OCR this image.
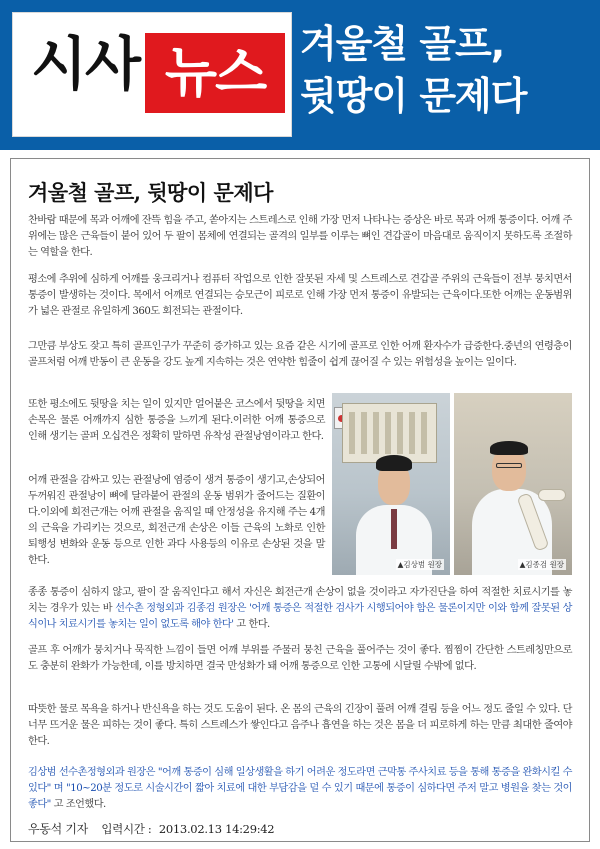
시사 뉴스 겨울철 골프,
뒷땅이 문제다
겨울철 골프, 뒷땅이 문제다

찬바람 때문에 목과 어깨에 잔뜩 힘을 주고, 쏟아지는 스트레스로 인해 가장 먼저 나타나는 증상은 바로 목과 어깨 통증이다. 어깨 주위에는 많은 근육들이 붙어 있어 두 팔이 몸체에 연결되는 골격의 일부를 이루는 뼈인 견갑골이 마음대로 움직이지 못하도록 조절하는 역할을 한다.

평소에 추위에 심하게 어깨를 웅크리거나 컴퓨터 작업으로 인한 잘못된 자세 및 스트레스로 견갑골 주위의 근육들이 전부 뭉치면서 통증이 발생하는 것이다. 목에서 어깨로 연결되는 승모근이 피로로 인해 가장 먼저 통증이 유발되는 근육이다.또한 어깨는 운동범위가 넓은 관절로 유일하게 360도 회전되는 관절이다.

그만큼 부상도 잦고 특히 골프인구가 꾸준히 증가하고 있는 요즘 같은 시기에 골프로 인한 어깨 환자수가 급증한다.중년의 연령층이 골프처럼 어깨 반동이 큰 운동을 강도 높게 지속하는 것은 연약한 힘줄이 쉽게 끊어질 수 있는 위험성을 높이는 일이다.

또한 평소에도 뒷땅을 치는 일이 있지만 얼어붙은 코스에서 뒷땅을 치면 손목은 물론 어깨까지 심한 통증을 느끼게 된다.이러한 어깨 통증으로 인해 생기는 골퍼 오십견은 정확히 말하면 유착성 관절낭염이라고 한다.

어깨 관절을 감싸고 있는 관절낭에 염증이 생겨 통증이 생기고,손상되어 두꺼워진 관절낭이 뼈에 달라붙어 관절의 운동 범위가 줄어드는 질환이다.이외에 회전근개는 어깨 관절을 움직일 때 안정성을 유지해 주는 4개의 근육을 가리키는 것으로, 회전근개 손상은 이들 근육의 노화로 인한 퇴행성 변화와 운동 등으로 인한 과다 사용등의 이유로 손상된 것을 말한다.	▲김상범 원장	▲김종검 원장

종종 통증이 심하지 않고, 팔이 잘 움직인다고 해서 자신은 회전근개 손상이 없을 것이라고 자가진단을 하여 적절한 치료시기를 놓치는 경우가 있는 바 선수촌 정형외과 김종검 원장은 '어깨 통증은 적절한 검사가 시행되어야 함은 물론이지만 이와 함께 잘못된 상식이나 치료시기를 놓치는 일이 없도록 해야 한다' 고 한다.

골프 후 어깨가 뭉치거나 묵직한 느낌이 들면 어깨 부위를 주물러 뭉친 근육을 풀어주는 것이 좋다. 찜찜이 간단한 스트레칭만으로도 충분히 완화가 가능한데, 이를 방치하면 결국 만성화가 돼 어깨 통증으로 인한 고통에 시달릴 수밖에 없다.

따뜻한 물로 목욕을 하거나 반신욕을 하는 것도 도움이 된다. 온 몸의 근육의 긴장이 풀려 어깨 결림 등을 어느 정도 줄일 수 있다. 단 너무 뜨거운 물은 피하는 것이 좋다. 특히 스트레스가 쌓인다고 음주나 흡연을 하는 것은 몸을 더 피로하게 하는 만큼 최대한 줄여야 한다.

김상범 선수촌정형외과 원장은 "어깨 통증이 심해 일상생활을 하기 어려운 정도라면 근막통 주사치료 등을 통해 통증을 완화시킬 수 있다" 며 "10~20분 정도로 시술시간이 짧아 치료에 대한 부담감을 덜 수 있기 때문에 통증이 심하다면 주저 말고 병원을 찾는 것이 좋다" 고 조언했다.

우동석 기자 입력시간 : 2013.02.13 14:29:42
